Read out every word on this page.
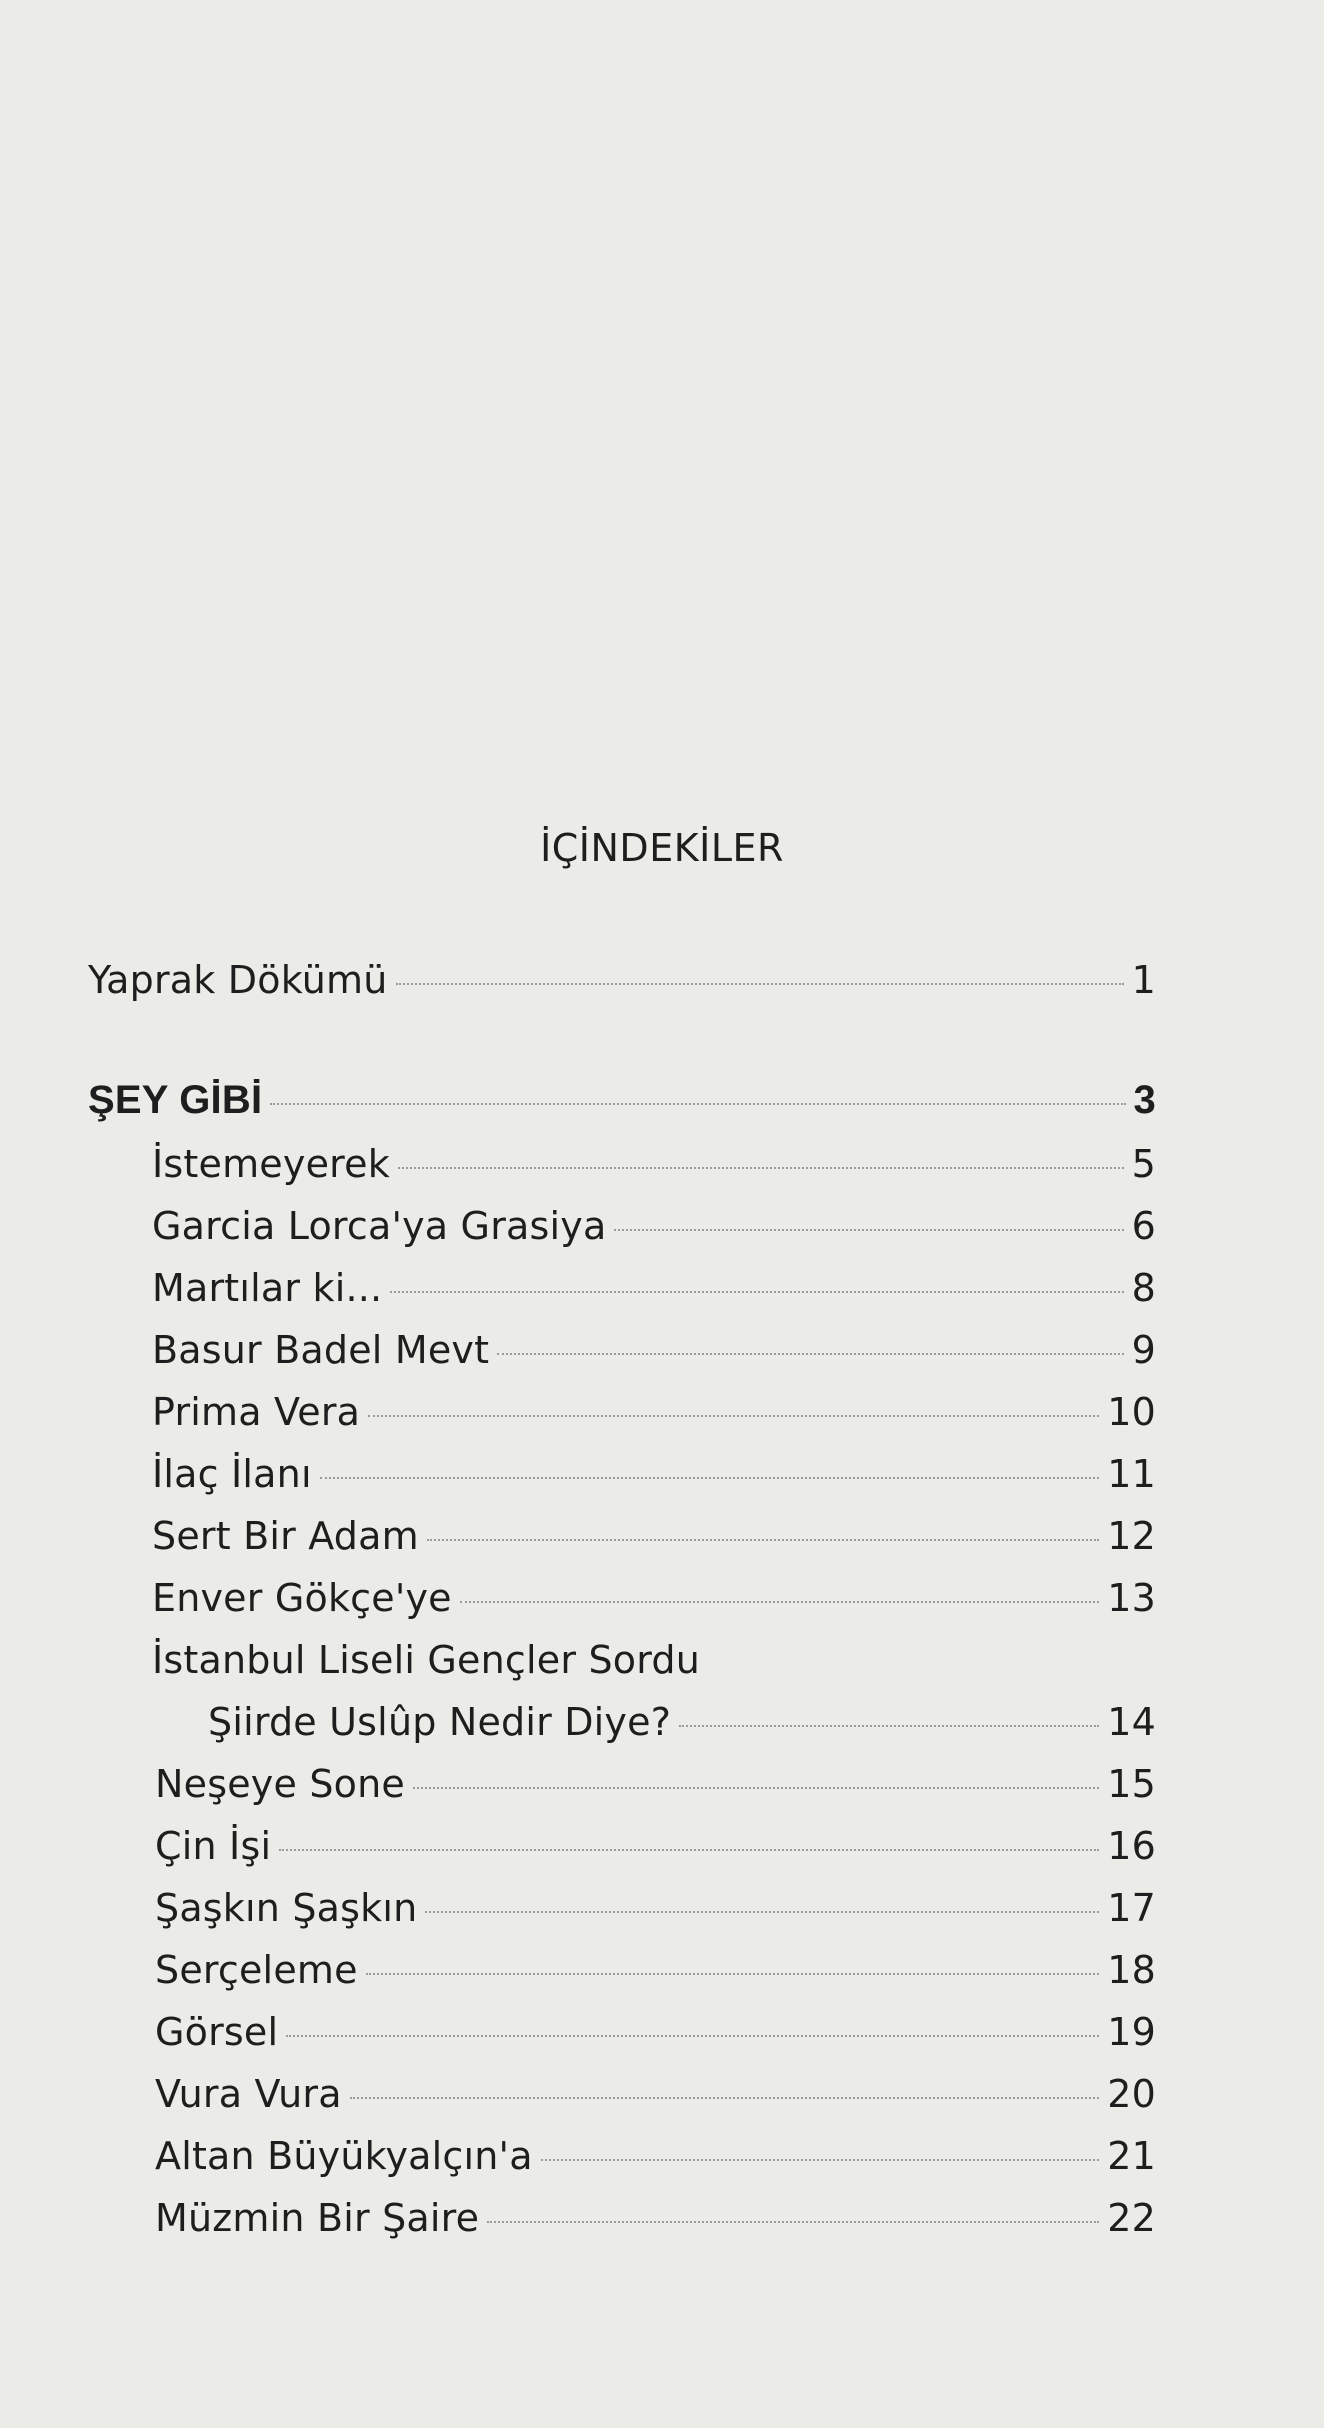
İÇİNDEKİLER
Yaprak Dökümü	1
ŞEY GİBİ	3
İstemeyerek	5
Garcia Lorca'ya Grasiya	6
Martılar ki...	8
Basur Badel Mevt	9
Prima Vera	10
İlaç İlanı	11
Sert Bir Adam	12
Enver Gökçe'ye	13
İstanbul Liseli Gençler Sordu
Şiirde Uslûp Nedir Diye?	14
Neşeye Sone	15
Çin İşi	16
Şaşkın Şaşkın	17
Serçeleme	18
Görsel	19
Vura Vura	20
Altan Büyükyalçın'a	21
Müzmin Bir Şaire	22
